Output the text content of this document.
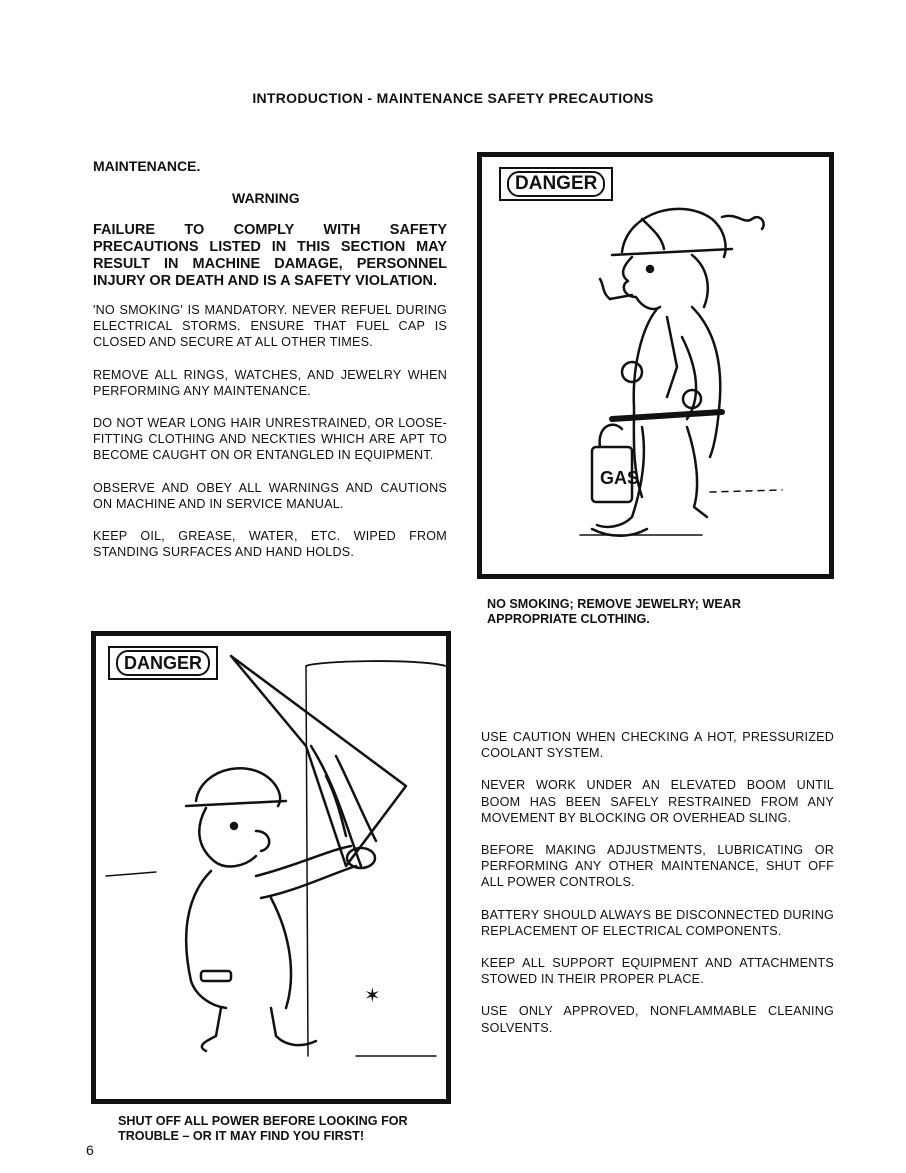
INTRODUCTION - MAINTENANCE SAFETY PRECAUTIONS
MAINTENANCE.
WARNING
FAILURE TO COMPLY WITH SAFETY PRECAUTIONS LISTED IN THIS SECTION MAY RESULT IN MACHINE DAMAGE, PERSONNEL INJURY OR DEATH AND IS A SAFETY VIOLATION.

'NO SMOKING' IS MANDATORY. NEVER REFUEL DURING ELECTRICAL STORMS. ENSURE THAT FUEL CAP IS CLOSED AND SECURE AT ALL OTHER TIMES.

REMOVE ALL RINGS, WATCHES, AND JEWELRY WHEN PERFORMING ANY MAINTENANCE.

DO NOT WEAR LONG HAIR UNRESTRAINED, OR LOOSE-FITTING CLOTHING AND NECKTIES WHICH ARE APT TO BECOME CAUGHT ON OR ENTANGLED IN EQUIPMENT.

OBSERVE AND OBEY ALL WARNINGS AND CAUTIONS ON MACHINE AND IN SERVICE MANUAL.

KEEP OIL, GREASE, WATER, ETC. WIPED FROM STANDING SURFACES AND HAND HOLDS.

GAS
DANGER
NO SMOKING; REMOVE JEWELRY; WEAR APPROPRIATE CLOTHING.
✶
DANGER
SHUT OFF ALL POWER BEFORE LOOKING FOR TROUBLE – OR IT MAY FIND YOU FIRST!

USE CAUTION WHEN CHECKING A HOT, PRESSURIZED COOLANT SYSTEM.

NEVER WORK UNDER AN ELEVATED BOOM UNTIL BOOM HAS BEEN SAFELY RESTRAINED FROM ANY MOVEMENT BY BLOCKING OR OVERHEAD SLING.

BEFORE MAKING ADJUSTMENTS, LUBRICATING OR PERFORMING ANY OTHER MAINTENANCE, SHUT OFF ALL POWER CONTROLS.

BATTERY SHOULD ALWAYS BE DISCONNECTED DURING REPLACEMENT OF ELECTRICAL COMPONENTS.

KEEP ALL SUPPORT EQUIPMENT AND ATTACHMENTS STOWED IN THEIR PROPER PLACE.

USE ONLY APPROVED, NONFLAMMABLE CLEANING SOLVENTS.

6
